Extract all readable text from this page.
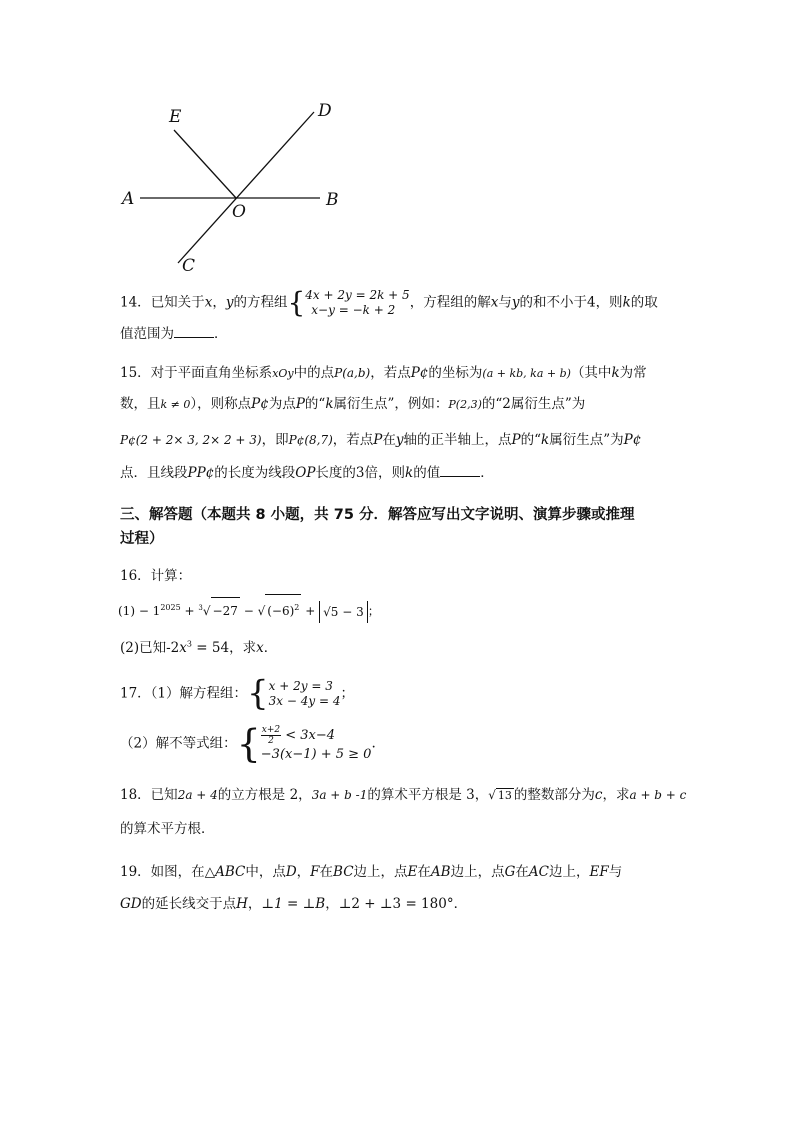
E	D
A
O
B
C
14．已知关于x，y的方程组{4x + 2y = 2k + 5
x−y = −k + 2 ，方程组的解x与y的和不小于4，则k的取
值范围为	．
15．对于平面直角坐标系xOy中的点P(a,b)，若点P¢的坐标为(a + kb, ka + b)（其中k为常
数，且k ≠ 0），则称点P¢为点P的“k属衍生点”，例如：P(2,3)的“2属衍生点”为
P¢(2 + 2× 3, 2× 2 + 3)，即P¢(8,7)，若点P在y轴的正半轴上，点P的“k属衍生点”为P¢
点．且线段PP¢的长度为线段OP长度的3倍，则k的值	．
三、解答题（本题共 8 小题，共 75 分．解答应写出文字说明、演算步骤或推理
过程）
16．计算：
$(1) - 1^{2025} + ^3√ -27$ − √ $(-6)^2 + √5 - 3$ ；
(2)已知$-2x^3 = 54$，求x．
17．（1）解方程组：{x + 2y = 3
3x − 4y = 4；
（2）解不等式组：{ $\frac{x+2}{2} < 3x-4$
−3(x−1) + 5 ≥ 0.
18．已知2a + 4的立方根是 2，3a + b -1的算术平方根是 3，√ 13 的整数部分为c，求a + b + c
的算术平方根．
19．如图，在△ABC中，点D，F在BC边上，点E在AB边上，点G在AC边上，EF与
GD的延长线交于点H，⊥1 = ⊥B，⊥2 + ⊥3 = 180°．
